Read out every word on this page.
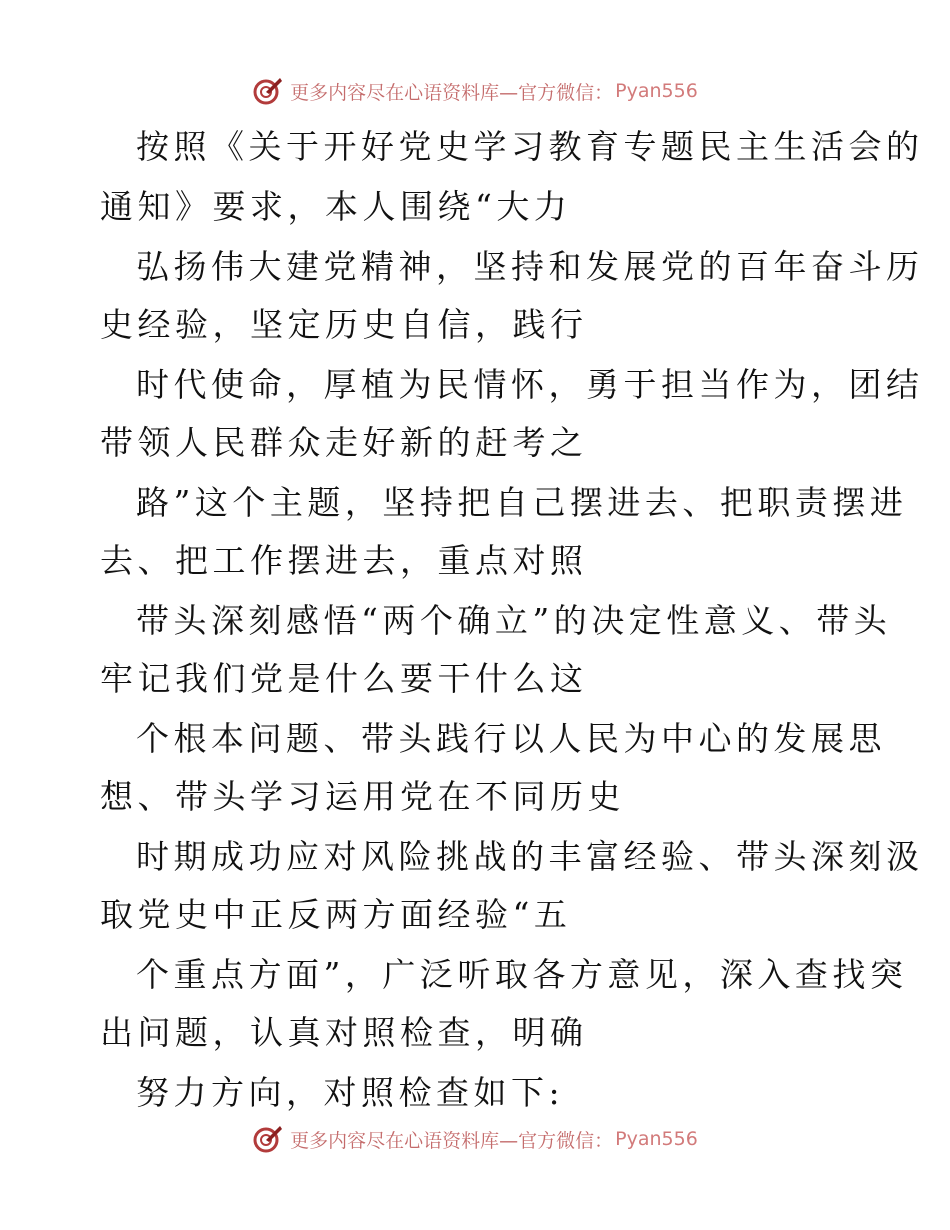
更多内容尽在心语资料库—官方微信： Pyan556
按照《关于开好党史学习教育专题民主生活会的
通知》要求，本人围绕“大力
弘扬伟大建党精神，坚持和发展党的百年奋斗历
史经验，坚定历史自信，践行
时代使命，厚植为民情怀，勇于担当作为，团结
带领人民群众走好新的赶考之
路”这个主题，坚持把自己摆进去、把职责摆进
去、把工作摆进去，重点对照
带头深刻感悟“两个确立”的决定性意义、带头
牢记我们党是什么要干什么这
个根本问题、带头践行以人民为中心的发展思
想、带头学习运用党在不同历史
时期成功应对风险挑战的丰富经验、带头深刻汲
取党史中正反两方面经验“五
个重点方面”，广泛听取各方意见，深入查找突
出问题，认真对照检查，明确
努力方向，对照检查如下:
更多内容尽在心语资料库—官方微信： Pyan556
